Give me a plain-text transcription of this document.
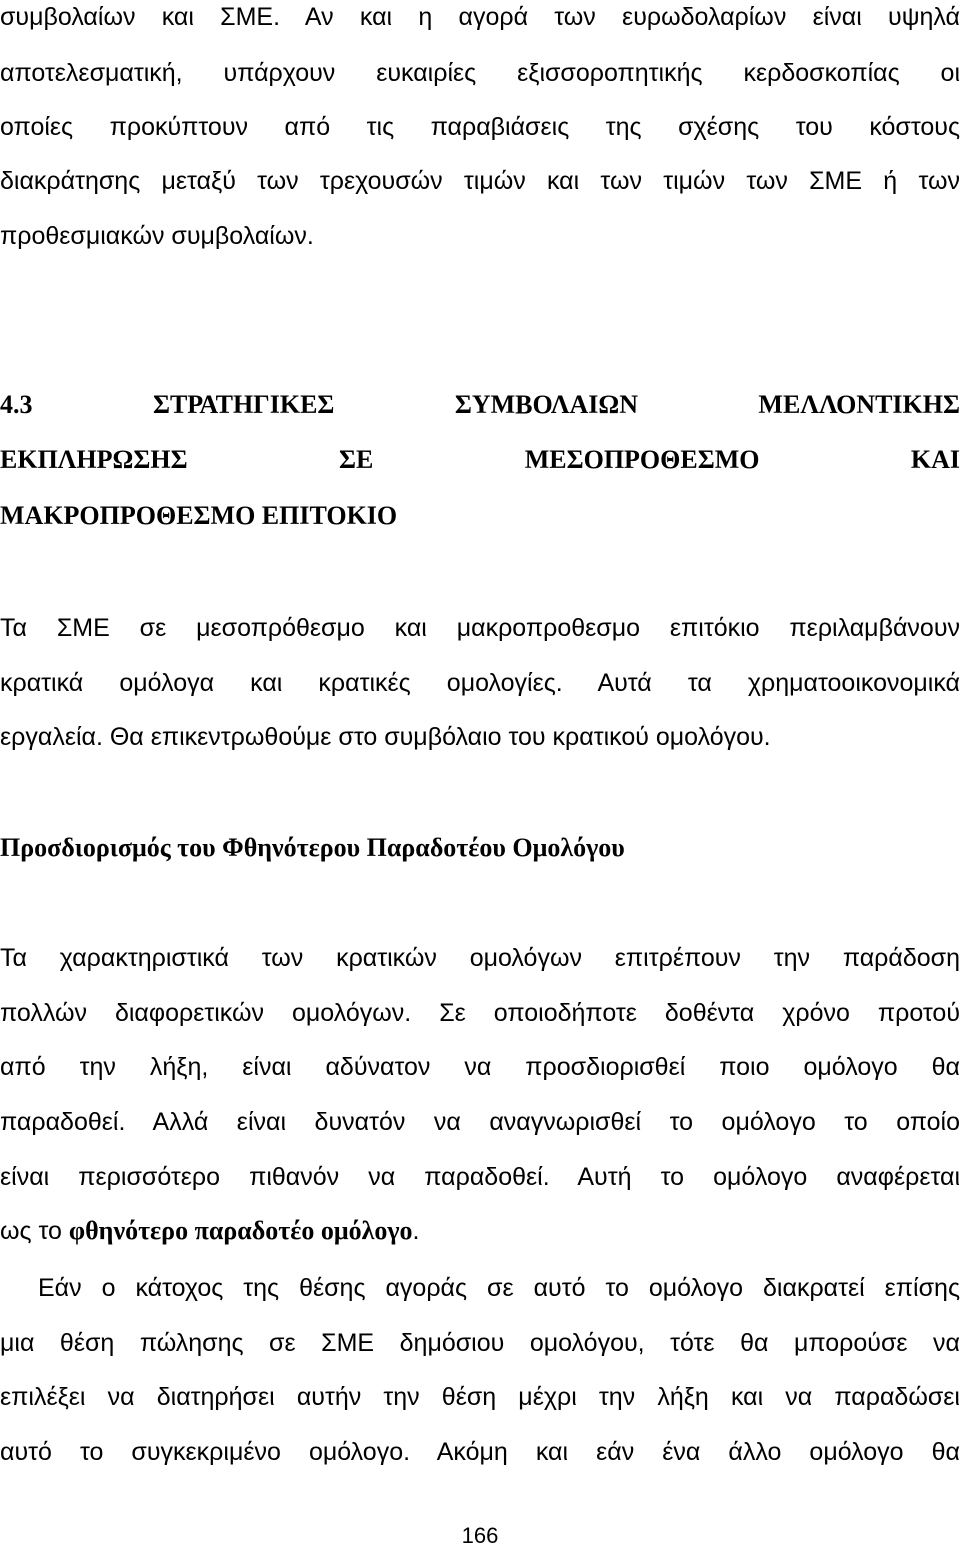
συμβολαίων και ΣΜΕ. Αν και η αγορά των ευρωδολαρίων είναι υψηλά
αποτελεσματική, υπάρχουν ευκαιρίες εξισσοροπητικής κερδοσκοπίας οι
οποίες προκύπτουν από τις παραβιάσεις της σχέσης του κόστους
διακράτησης μεταξύ των τρεχουσών τιμών και των τιμών των ΣΜΕ ή των
προθεσμιακών συμβολαίων.
4.3 ΣΤΡΑΤΗΓΙΚΕΣ ΣΥΜΒΟΛΑΙΩΝ ΜΕΛΛΟΝΤΙΚΗΣ
ΕΚΠΛΗΡΩΣΗΣ ΣΕ ΜΕΣΟΠΡΟΘΕΣΜΟ ΚΑΙ
ΜΑΚΡΟΠΡΟΘΕΣΜΟ ΕΠΙΤΟΚΙΟ
Τα ΣΜΕ σε μεσοπρόθεσμο και μακροπροθεσμο επιτόκιο περιλαμβάνουν
κρατικά ομόλογα και κρατικές ομολογίες. Αυτά τα χρηματοοικονομικά
εργαλεία. Θα επικεντρωθούμε στο συμβόλαιο του κρατικού ομολόγου.
Προσδιορισμός του Φθηνότερου Παραδοτέου Ομολόγου
Τα χαρακτηριστικά των κρατικών ομολόγων επιτρέπουν την παράδοση
πολλών διαφορετικών ομολόγων. Σε οποιοδήποτε δοθέντα χρόνο προτού
από την λήξη, είναι αδύνατον να προσδιορισθεί ποιο ομόλογο θα
παραδοθεί. Αλλά είναι δυνατόν να αναγνωρισθεί το ομόλογο το οποίο
είναι περισσότερο πιθανόν να παραδοθεί. Αυτή το ομόλογο αναφέρεται
ως το φθηνότερο παραδοτέο ομόλογο.
Εάν ο κάτοχος της θέσης αγοράς σε αυτό το ομόλογο διακρατεί επίσης
μια θέση πώλησης σε ΣΜΕ δημόσιου ομολόγου, τότε θα μπορούσε να
επιλέξει να διατηρήσει αυτήν την θέση μέχρι την λήξη και να παραδώσει
αυτό το συγκεκριμένο ομόλογο. Ακόμη και εάν ένα άλλο ομόλογο θα
166
